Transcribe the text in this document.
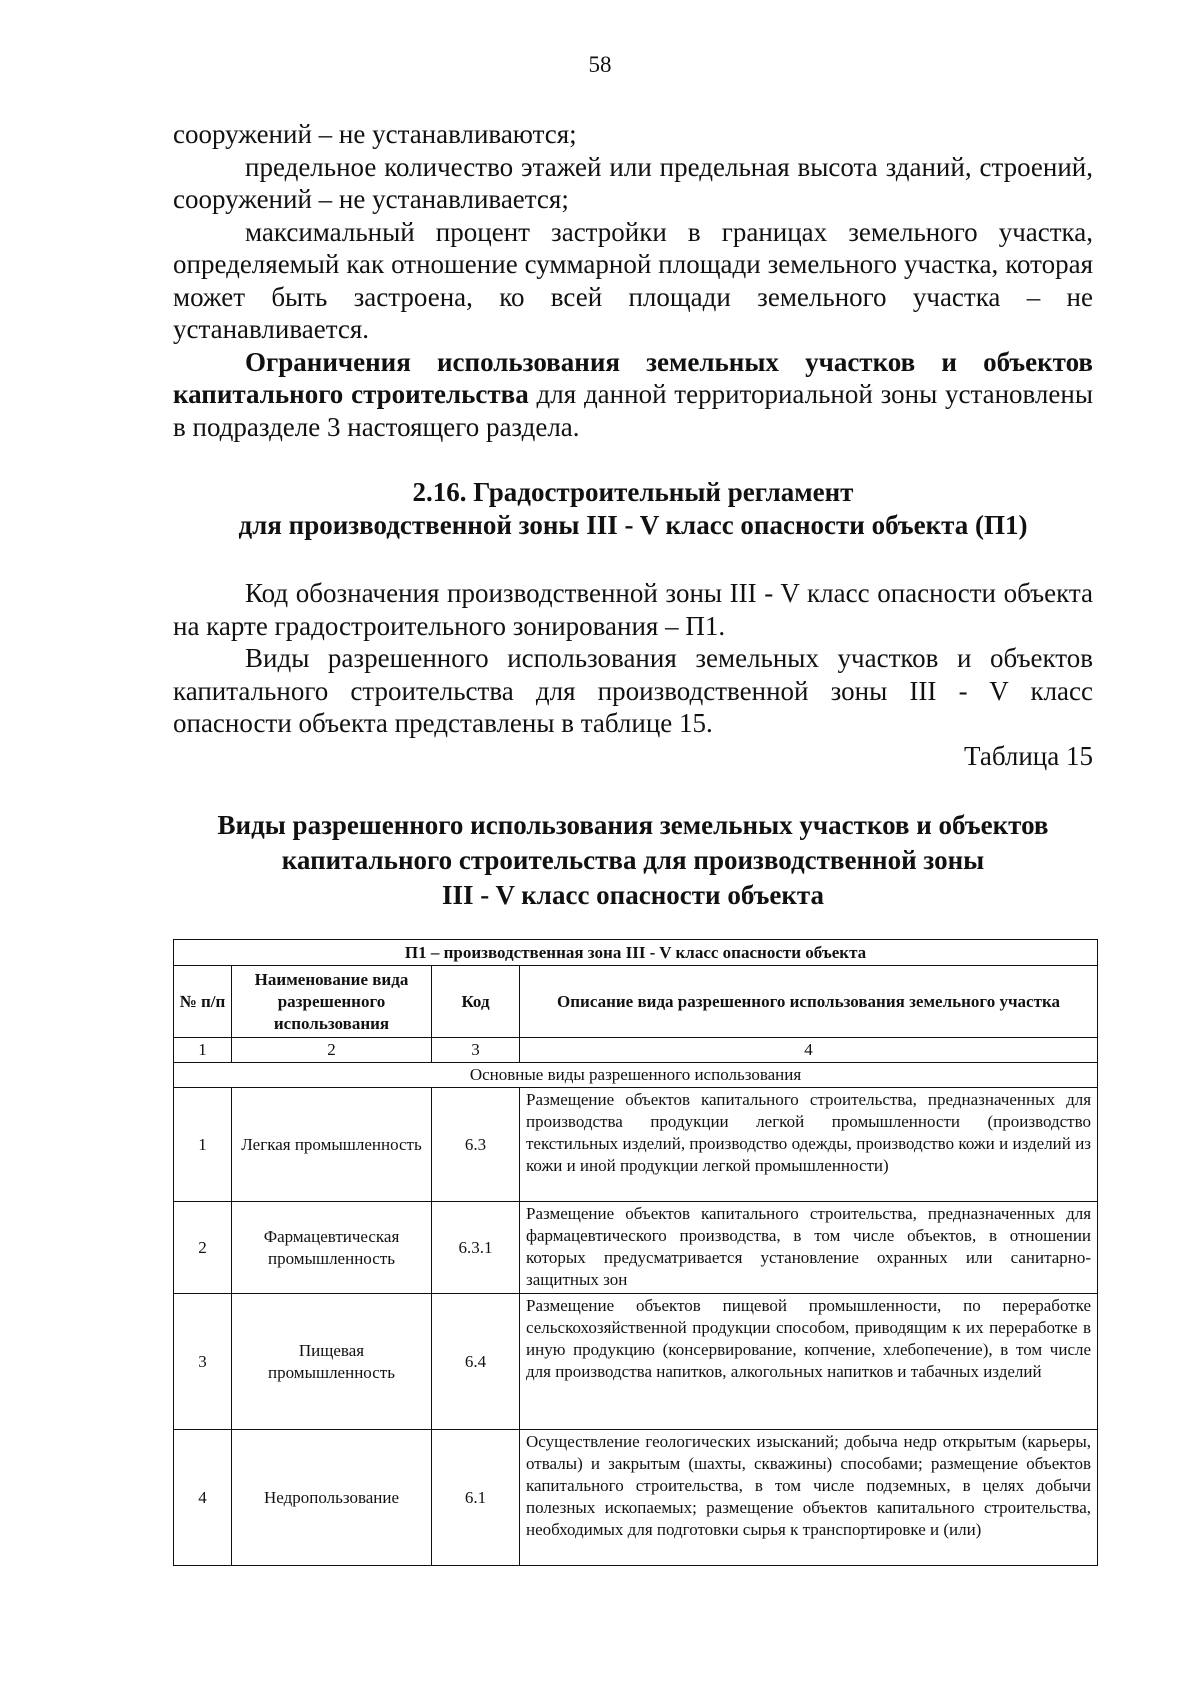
58

сооружений – не устанавливаются;

предельное количество этажей или предельная высота зданий, строений, сооружений – не устанавливается;

максимальный процент застройки в границах земельного участка, определяемый как отношение суммарной площади земельного участка, которая может быть застроена, ко всей площади земельного участка – не устанавливается.

Ограничения использования земельных участков и объектов капитального строительства для данной территориальной зоны установлены в подразделе 3 настоящего раздела.

2.16. Градостроительный регламент
для производственной зоны III - V класс опасности объекта (П1)

Код обозначения производственной зоны III - V класс опасности объекта на карте градостроительного зонирования – П1.

Виды разрешенного использования земельных участков и объектов капитального строительства для производственной зоны III - V класс опасности объекта представлены в таблице 15.

Таблица 15
Виды разрешенного использования земельных участков и объектов
капитального строительства для производственной зоны
III - V класс опасности объекта
П1 – производственная зона III - V класс опасности объекта			
№ п/п	Наименование вида разрешенного использования	Код	Описание вида разрешенного использования земельного участка
1	2	3	4
Основные виды разрешенного использования			
1	Легкая промышленность	6.3	Размещение объектов капитального строительства, предназначенных для производства продукции легкой промышленности (производство текстильных изделий, производство одежды, производство кожи и изделий из кожи и иной продукции легкой промышленности)
2	Фармацевтическая промышленность	6.3.1	Размещение объектов капитального строительства, предназначенных для фармацевтического производства, в том числе объектов, в отношении которых предусматривается установление охранных или санитарно-защитных зон
3	Пищевая промышленность	6.4	Размещение объектов пищевой промышленности, по переработке сельскохозяйственной продукции способом, приводящим к их переработке в иную продукцию (консервирование, копчение, хлебопечение), в том числе для производства напитков, алкогольных напитков и табачных изделий
4	Недропользование	6.1	Осуществление геологических изысканий; добыча недр открытым (карьеры, отвалы) и закрытым (шахты, скважины) способами; размещение объектов капитального строительства, в том числе подземных, в целях добычи полезных ископаемых; размещение объектов капитального строительства, необходимых для подготовки сырья к транспортировке и (или)
